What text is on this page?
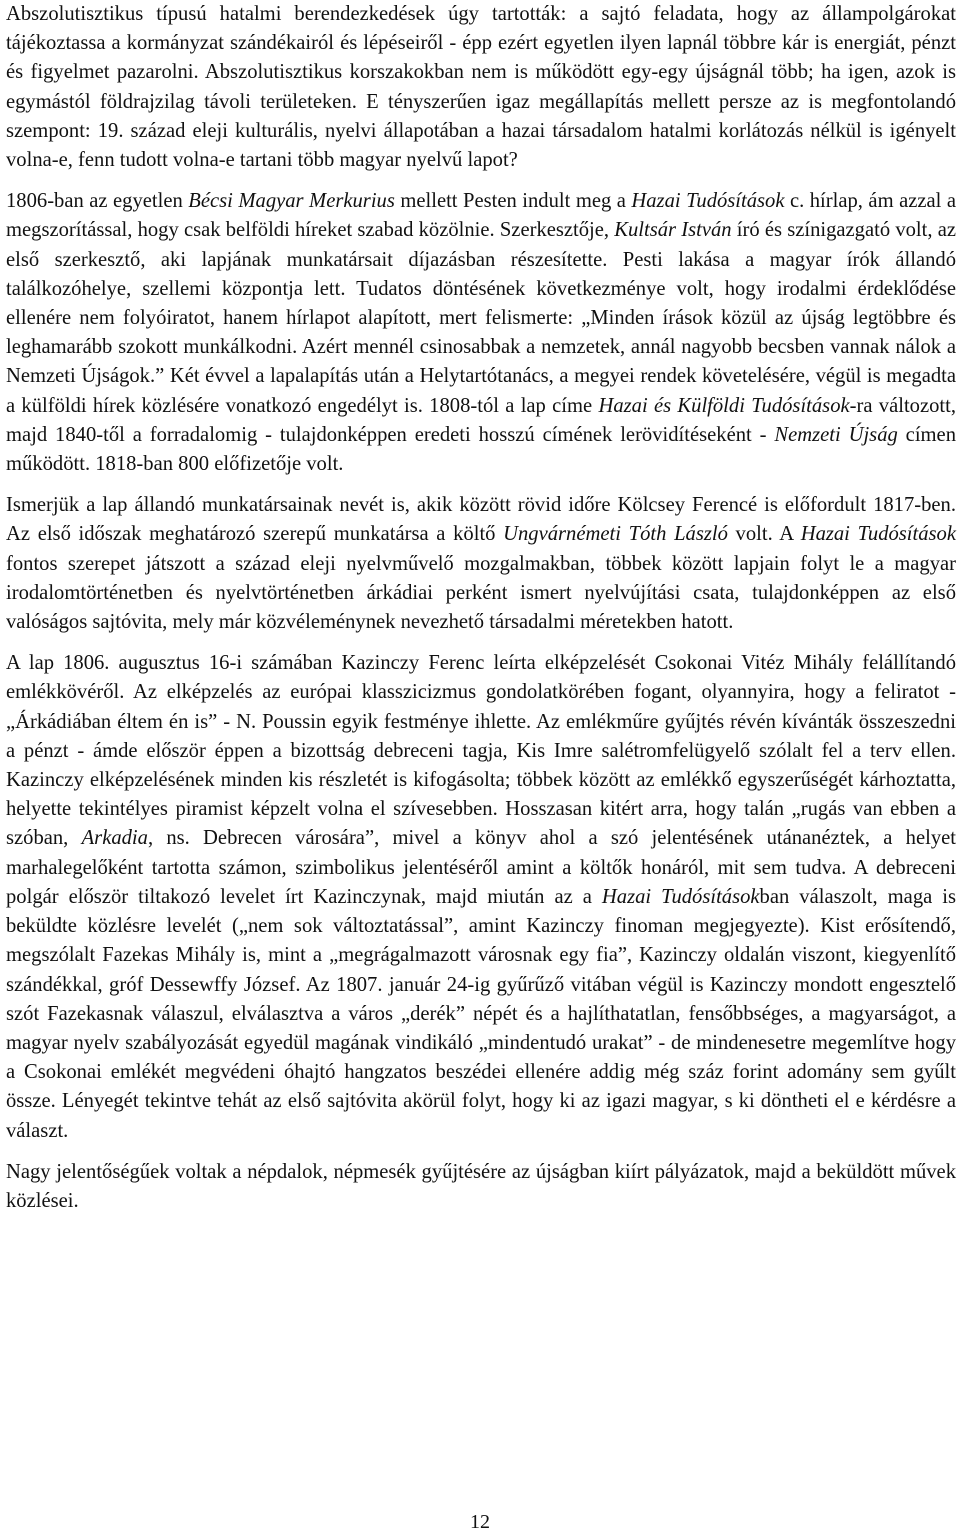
Abszolutisztikus típusú hatalmi berendezkedések úgy tartották: a sajtó feladata, hogy az állampolgárokat tájékoztassa a kormányzat szándékairól és lépéseiről - épp ezért egyetlen ilyen lapnál többre kár is energiát, pénzt és figyelmet pazarolni. Abszolutisztikus korszakokban nem is működött egy-egy újságnál több; ha igen, azok is egymástól földrajzilag távoli területeken. E tényszerűen igaz megállapítás mellett persze az is megfontolandó szempont: 19. század eleji kulturális, nyelvi állapotában a hazai társadalom hatalmi korlátozás nélkül is igényelt volna-e, fenn tudott volna-e tartani több magyar nyelvű lapot?

1806-ban az egyetlen Bécsi Magyar Merkurius mellett Pesten indult meg a Hazai Tudósítások c. hírlap, ám azzal a megszorítással, hogy csak belföldi híreket szabad közölnie. Szerkesztője, Kultsár István író és színigazgató volt, az első szerkesztő, aki lapjának munkatársait díjazásban részesítette. Pesti lakása a magyar írók állandó találkozóhelye, szellemi központja lett. Tudatos döntésének következménye volt, hogy irodalmi érdeklődése ellenére nem folyóiratot, hanem hírlapot alapított, mert felismerte: „Minden írások közül az újság legtöbbre és leghamarább szokott munkálkodni. Azért mennél csinosabbak a nemzetek, annál nagyobb becsben vannak nálok a Nemzeti Újságok.” Két évvel a lapalapítás után a Helytartótanács, a megyei rendek követelésére, végül is megadta a külföldi hírek közlésére vonatkozó engedélyt is. 1808-tól a lap címe Hazai és Külföldi Tudósítások-ra változott, majd 1840-től a forradalomig - tulajdonképpen eredeti hosszú címének lerövidítéseként - Nemzeti Újság címen működött. 1818-ban 800 előfizetője volt.

Ismerjük a lap állandó munkatársainak nevét is, akik között rövid időre Kölcsey Ferencé is előfordult 1817-ben. Az első időszak meghatározó szerepű munkatársa a költő Ungvárnémeti Tóth László volt. A Hazai Tudósítások fontos szerepet játszott a század eleji nyelvművelő mozgalmakban, többek között lapjain folyt le a magyar irodalomtörténetben és nyelvtörténetben árkádiai perként ismert nyelvújítási csata, tulajdonképpen az első valóságos sajtóvita, mely már közvéleménynek nevezhető társadalmi méretekben hatott.

A lap 1806. augusztus 16-i számában Kazinczy Ferenc leírta elképzelését Csokonai Vitéz Mihály felállítandó emlékkövéről. Az elképzelés az európai klasszicizmus gondolatkörében fogant, olyannyira, hogy a feliratot - „Árkádiában éltem én is” - N. Poussin egyik festménye ihlette. Az emlékműre gyűjtés révén kívánták összeszedni a pénzt - ámde először éppen a bizottság debreceni tagja, Kis Imre salétromfelügyelő szólalt fel a terv ellen. Kazinczy elképzelésének minden kis részletét is kifogásolta; többek között az emlékkő egyszerűségét kárhoztatta, helyette tekintélyes piramist képzelt volna el szívesebben. Hosszasan kitért arra, hogy talán „rugás van ebben a szóban, Arkadia, ns. Debrecen városára”, mivel a könyv ahol a szó jelentésének utánanéztek, a helyet marhalegelőként tartotta számon, szimbolikus jelentéséről amint a költők honáról, mit sem tudva. A debreceni polgár először tiltakozó levelet írt Kazinczynak, majd miután az a Hazai Tudósításokban válaszolt, maga is beküldte közlésre levelét („nem sok változtatással”, amint Kazinczy finoman megjegyezte). Kist erősítendő, megszólalt Fazekas Mihály is, mint a „megrágalmazott városnak egy fia”, Kazinczy oldalán viszont, kiegyenlítő szándékkal, gróf Dessewffy József. Az 1807. január 24-ig gyűrűző vitában végül is Kazinczy mondott engesztelő szót Fazekasnak válaszul, elválasztva a város „derék” népét és a hajlíthatatlan, fensőbbséges, a magyarságot, a magyar nyelv szabályozását egyedül magának vindikáló „mindentudó urakat” - de mindenesetre megemlítve hogy a Csokonai emlékét megvédeni óhajtó hangzatos beszédei ellenére addig még száz forint adomány sem gyűlt össze. Lényegét tekintve tehát az első sajtóvita akörül folyt, hogy ki az igazi magyar, s ki döntheti el e kérdésre a választ.

Nagy jelentőségűek voltak a népdalok, népmesék gyűjtésére az újságban kiírt pályázatok, majd a beküldött művek közlései.

12
